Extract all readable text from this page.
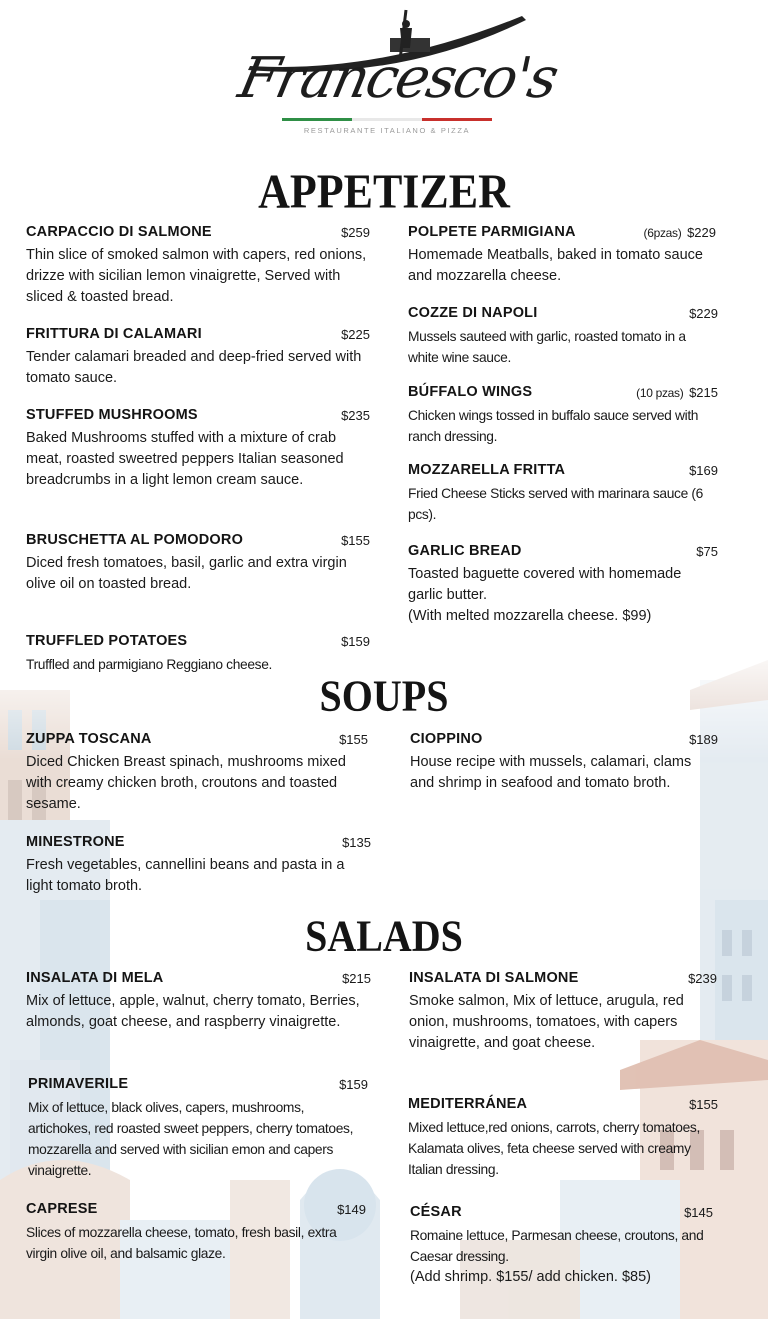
Francesco's
RESTAURANTE ITALIANO & PIZZA
APPETIZER
CARPACCIO DI SALMONE	$259
Thin slice of smoked salmon with capers, red onions, drizze with sicilian lemon vinaigrette, Served with sliced & toasted bread.
FRITTURA DI CALAMARI	$225
Tender calamari breaded and deep-fried served with tomato sauce.
STUFFED MUSHROOMS	$235
Baked Mushrooms stuffed with a mixture of crab meat, roasted sweetred peppers Italian seasoned breadcrumbs in a light lemon cream sauce.
BRUSCHETTA AL POMODORO	$155
Diced fresh tomatoes, basil, garlic and extra virgin olive oil on toasted bread.
TRUFFLED POTATOES	$159
Truffled and parmigiano Reggiano cheese.
POLPETE PARMIGIANA	(6pzas) $229
Homemade Meatballs, baked in tomato sauce and mozzarella cheese.
COZZE DI NAPOLI	$229
Mussels sauteed with garlic, roasted tomato in a white wine sauce.
BÚFFALO WINGS	(10 pzas) $215
Chicken wings tossed in buffalo sauce served with ranch dressing.
MOZZARELLA FRITTA	$169
Fried Cheese Sticks served with marinara sauce (6 pcs).
GARLIC BREAD	$75
Toasted baguette covered with homemade garlic butter.
(With melted mozzarella cheese. $99)
SOUPS
ZUPPA TOSCANA	$155
Diced Chicken Breast spinach, mushrooms mixed with creamy chicken broth, croutons and toasted sesame.
MINESTRONE	$135
Fresh vegetables, cannellini beans and pasta in a light tomato broth.
CIOPPINO	$189
House recipe with mussels, calamari, clams and shrimp in seafood and tomato broth.
SALADS
INSALATA DI MELA	$215
Mix of lettuce, apple, walnut, cherry tomato, Berries, almonds, goat cheese, and raspberry vinaigrette.
PRIMAVERILE	$159
Mix of lettuce, black olives, capers, mushrooms, artichokes, red roasted sweet peppers, cherry tomatoes, mozzarella and served with sicilian emon and capers vinaigrette.
CAPRESE	$149
Slices of mozzarella cheese, tomato, fresh basil, extra virgin olive oil, and balsamic glaze.
INSALATA DI SALMONE	$239
Smoke salmon, Mix of lettuce, arugula, red onion, mushrooms, tomatoes, with capers vinaigrette, and goat cheese.
MEDITERRÁNEA	$155
Mixed lettuce,red onions, carrots, cherry tomatoes, Kalamata olives, feta cheese served with creamy Italian dressing.
CÉSAR	$145
Romaine lettuce, Parmesan cheese, croutons, and Caesar dressing.
(Add shrimp. $155/ add chicken. $85)
